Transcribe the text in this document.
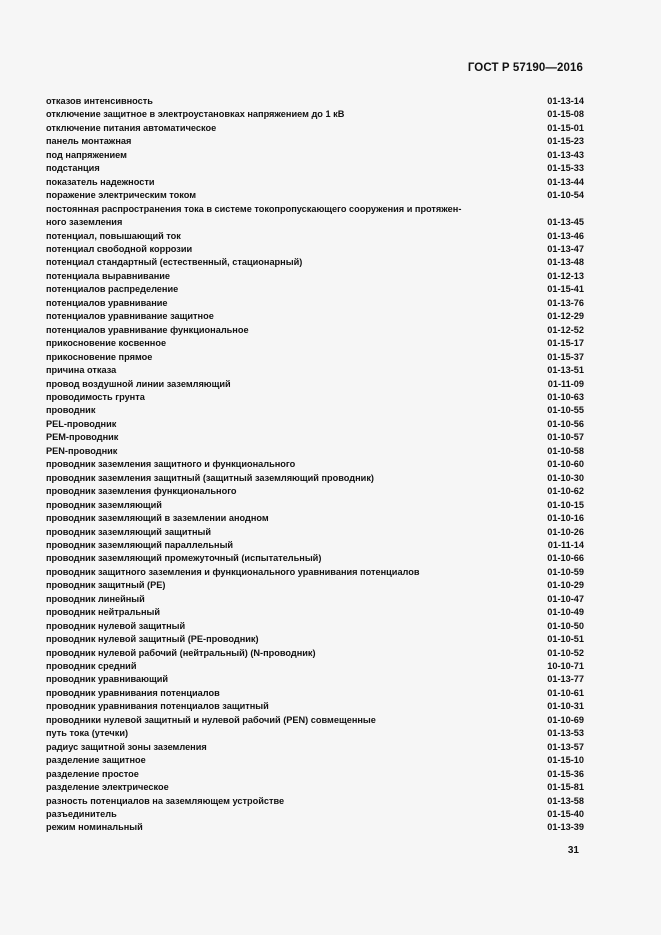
ГОСТ Р 57190—2016
отказов интенсивность	01-13-14
отключение защитное в электроустановках напряжением до 1 кВ	01-15-08
отключение питания автоматическое	01-15-01
панель монтажная	01-15-23
под напряжением	01-13-43
подстанция	01-15-33
показатель надежности	01-13-44
поражение электрическим током	01-10-54
постоянная распространения тока в системе токопропускающего сооружения и протяжен-
ного заземления	01-13-45
потенциал, повышающий ток	01-13-46
потенциал свободной коррозии	01-13-47
потенциал стандартный (естественный, стационарный)	01-13-48
потенциала выравнивание	01-12-13
потенциалов распределение	01-15-41
потенциалов уравнивание	01-13-76
потенциалов уравнивание защитное	01-12-29
потенциалов уравнивание функциональное	01-12-52
прикосновение косвенное	01-15-17
прикосновение прямое	01-15-37
причина отказа	01-13-51
провод воздушной линии заземляющий	01-11-09
проводимость грунта	01-10-63
проводник	01-10-55
PEL-проводник	01-10-56
PEM-проводник	01-10-57
PEN-проводник	01-10-58
проводник заземления защитного и функционального	01-10-60
проводник заземления защитный (защитный заземляющий проводник)	01-10-30
проводник заземления функционального	01-10-62
проводник заземляющий	01-10-15
проводник заземляющий в заземлении анодном	01-10-16
проводник заземляющий защитный	01-10-26
проводник заземляющий параллельный	01-11-14
проводник заземляющий промежуточный (испытательный)	01-10-66
проводник защитного заземления и функционального уравнивания потенциалов	01-10-59
проводник защитный (PE)	01-10-29
проводник линейный	01-10-47
проводник нейтральный	01-10-49
проводник нулевой защитный	01-10-50
проводник нулевой защитный (PE-проводник)	01-10-51
проводник нулевой рабочий (нейтральный) (N-проводник)	01-10-52
проводник средний	10-10-71
проводник уравнивающий	01-13-77
проводник уравнивания потенциалов	01-10-61
проводник уравнивания потенциалов защитный	01-10-31
проводники нулевой защитный и нулевой рабочий (PEN) совмещенные	01-10-69
путь тока (утечки)	01-13-53
радиус защитной зоны заземления	01-13-57
разделение защитное	01-15-10
разделение простое	01-15-36
разделение электрическое	01-15-81
разность потенциалов на заземляющем устройстве	01-13-58
разъединитель	01-15-40
режим номинальный	01-13-39
31
